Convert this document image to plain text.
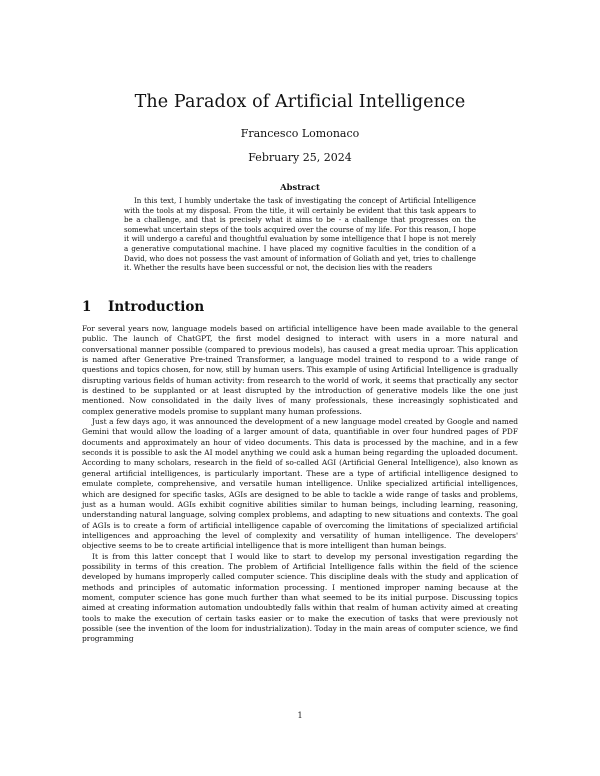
The Paradox of Artificial Intelligence
Francesco Lomonaco
February 25, 2024
Abstract

In this text, I humbly undertake the task of investigating the concept of Artificial Intelligence with the tools at my disposal. From the title, it will certainly be evident that this task appears to be a challenge, and that is precisely what it aims to be - a challenge that progresses on the somewhat uncertain steps of the tools acquired over the course of my life. For this reason, I hope it will undergo a careful and thoughtful evaluation by some intelligence that I hope is not merely a generative computational machine. I have placed my cognitive faculties in the condition of a David, who does not possess the vast amount of information of Goliath and yet, tries to challenge it. Whether the results have been successful or not, the decision lies with the readers

1 Introduction

For several years now, language models based on artificial intelligence have been made available to the general public. The launch of ChatGPT, the first model designed to interact with users in a more natural and conversational manner possible (compared to previous models), has caused a great media uproar. This application is named after Generative Pre-trained Transformer, a language model trained to respond to a wide range of questions and topics chosen, for now, still by human users. This example of using Artificial Intelligence is gradually disrupting various fields of human activity: from research to the world of work, it seems that practically any sector is destined to be supplanted or at least disrupted by the introduction of generative models like the one just mentioned. Now consolidated in the daily lives of many professionals, these increasingly sophisticated and complex generative models promise to supplant many human professions.

Just a few days ago, it was announced the development of a new language model created by Google and named Gemini that would allow the loading of a larger amount of data, quantifiable in over four hundred pages of PDF documents and approximately an hour of video documents. This data is processed by the machine, and in a few seconds it is possible to ask the AI model anything we could ask a human being regarding the uploaded document. According to many scholars, research in the field of so-called AGI (Artificial General Intelligence), also known as general artificial intelligences, is particularly important. These are a type of artificial intelligence designed to emulate complete, comprehensive, and versatile human intelligence. Unlike specialized artificial intelligences, which are designed for specific tasks, AGIs are designed to be able to tackle a wide range of tasks and problems, just as a human would. AGIs exhibit cognitive abilities similar to human beings, including learning, reasoning, understanding natural language, solving complex problems, and adapting to new situations and contexts. The goal of AGIs is to create a form of artificial intelligence capable of overcoming the limitations of specialized artificial intelligences and approaching the level of complexity and versatility of human intelligence. The developers' objective seems to be to create artificial intelligence that is more intelligent than human beings.

It is from this latter concept that I would like to start to develop my personal investigation regarding the possibility in terms of this creation. The problem of Artificial Intelligence falls within the field of the science developed by humans improperly called computer science. This discipline deals with the study and application of methods and principles of automatic information processing. I mentioned improper naming because at the moment, computer science has gone much further than what seemed to be its initial purpose. Discussing topics aimed at creating information automation undoubtedly falls within that realm of human activity aimed at creating tools to make the execution of certain tasks easier or to make the execution of tasks that were previously not possible (see the invention of the loom for industrialization). Today in the main areas of computer science, we find programming

1
